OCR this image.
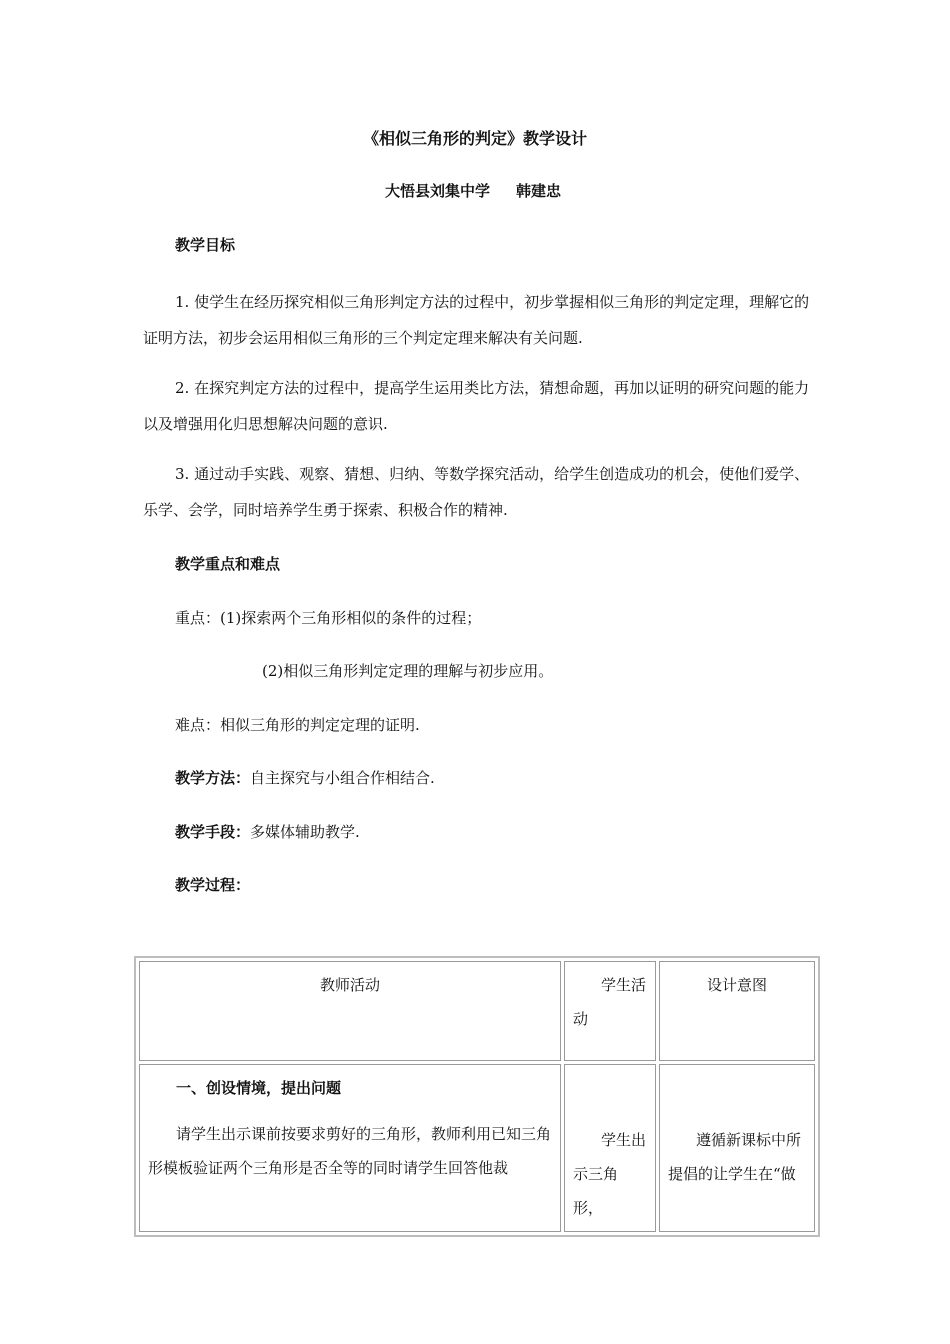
《相似三角形的判定》教学设计
大悟县刘集中学 韩建忠
教学目标
1. 使学生在经历探究相似三角形判定方法的过程中，初步掌握相似三角形的判定定理，理解它的证明方法，初步会运用相似三角形的三个判定定理来解决有关问题.
2. 在探究判定方法的过程中，提高学生运用类比方法，猜想命题，再加以证明的研究问题的能力以及增强用化归思想解决问题的意识.
3. 通过动手实践、观察、猜想、归纳、等数学探究活动，给学生创造成功的机会，使他们爱学、乐学、会学，同时培养学生勇于探索、积极合作的精神.
教学重点和难点
重点：(1)探索两个三角形相似的条件的过程；
(2)相似三角形判定定理的理解与初步应用。
难点：相似三角形的判定定理的证明.
教学方法：自主探究与小组合作相结合.
教学手段：多媒体辅助教学.
教学过程：
教师活动	学生活动	设计意图

一、创设情境，提出问题
请学生出示课前按要求剪好的三角形，教师利用已知三角形模板验证两个三角形是否全等的同时请学生回答他裁	学生出示三角形，	遵循新课标中所提倡的让学生在“做
